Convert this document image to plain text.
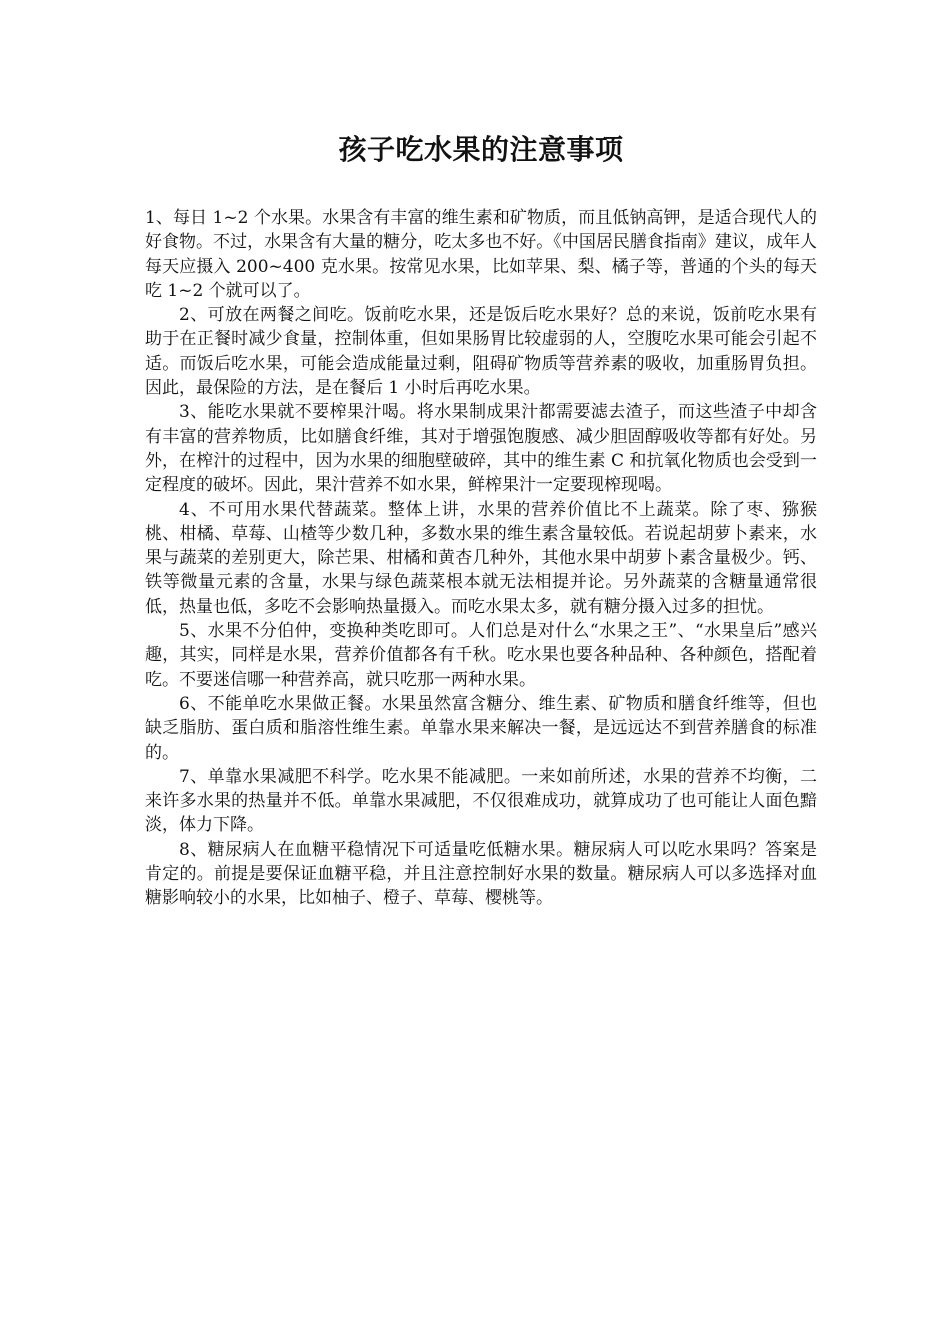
孩子吃水果的注意事项

1、每日 1~2 个水果。水果含有丰富的维生素和矿物质，而且低钠高钾，是适合现代人的好食物。不过，水果含有大量的糖分，吃太多也不好。《中国居民膳食指南》建议，成年人每天应摄入 200~400 克水果。按常见水果，比如苹果、梨、橘子等，普通的个头的每天吃 1~2 个就可以了。

2、可放在两餐之间吃。饭前吃水果，还是饭后吃水果好？总的来说，饭前吃水果有助于在正餐时减少食量，控制体重，但如果肠胃比较虚弱的人，空腹吃水果可能会引起不适。而饭后吃水果，可能会造成能量过剩，阻碍矿物质等营养素的吸收，加重肠胃负担。因此，最保险的方法，是在餐后 1 小时后再吃水果。

3、能吃水果就不要榨果汁喝。将水果制成果汁都需要滤去渣子，而这些渣子中却含有丰富的营养物质，比如膳食纤维，其对于增强饱腹感、减少胆固醇吸收等都有好处。另外，在榨汁的过程中，因为水果的细胞壁破碎，其中的维生素 C 和抗氧化物质也会受到一定程度的破坏。因此，果汁营养不如水果，鲜榨果汁一定要现榨现喝。

4、不可用水果代替蔬菜。整体上讲，水果的营养价值比不上蔬菜。除了枣、猕猴桃、柑橘、草莓、山楂等少数几种，多数水果的维生素含量较低。若说起胡萝卜素来，水果与蔬菜的差别更大，除芒果、柑橘和黄杏几种外，其他水果中胡萝卜素含量极少。钙、铁等微量元素的含量，水果与绿色蔬菜根本就无法相提并论。另外蔬菜的含糖量通常很低，热量也低，多吃不会影响热量摄入。而吃水果太多，就有糖分摄入过多的担忧。

5、水果不分伯仲，变换种类吃即可。人们总是对什么“水果之王”、“水果皇后”感兴趣，其实，同样是水果，营养价值都各有千秋。吃水果也要各种品种、各种颜色，搭配着吃。不要迷信哪一种营养高，就只吃那一两种水果。

6、不能单吃水果做正餐。水果虽然富含糖分、维生素、矿物质和膳食纤维等，但也缺乏脂肪、蛋白质和脂溶性维生素。单靠水果来解决一餐，是远远达不到营养膳食的标准的。

7、单靠水果减肥不科学。吃水果不能减肥。一来如前所述，水果的营养不均衡，二来许多水果的热量并不低。单靠水果减肥，不仅很难成功，就算成功了也可能让人面色黯淡，体力下降。

8、糖尿病人在血糖平稳情况下可适量吃低糖水果。糖尿病人可以吃水果吗？答案是肯定的。前提是要保证血糖平稳，并且注意控制好水果的数量。糖尿病人可以多选择对血糖影响较小的水果，比如柚子、橙子、草莓、樱桃等。
